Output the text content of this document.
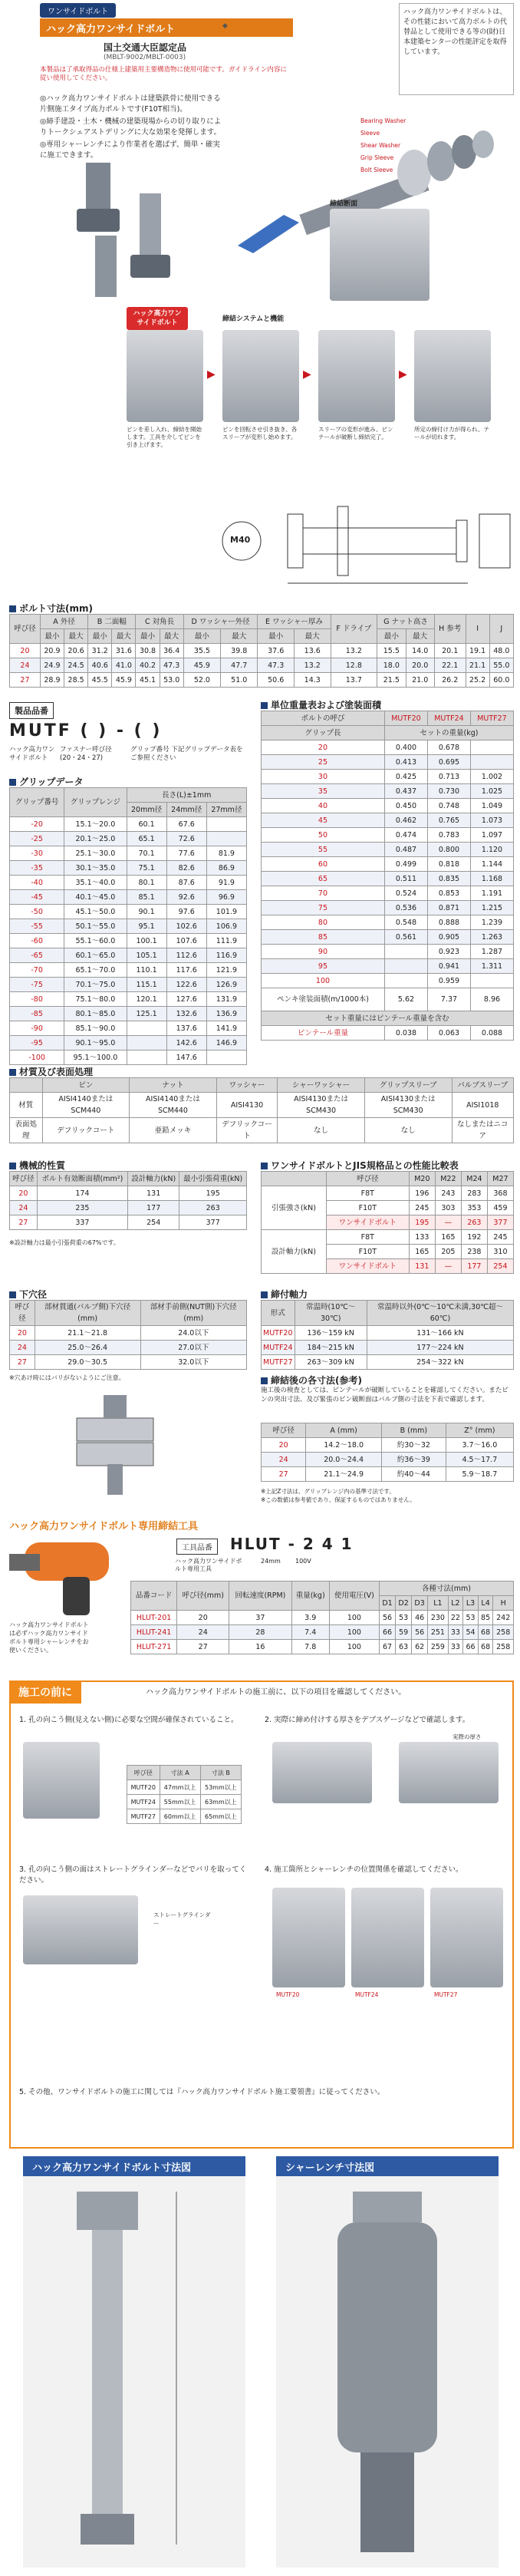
ワンサイドボルト
ハック高力ワンサイドボルト	◆
国土交通大臣認定品
(MBLT-9002/MBLT-0003)
本製品は了承取得品の仕様上建築用主要構造物に使用可能です。ガイドライン内容に従い使用してください。
◎ハック高力ワンサイドボルトは建築鉄骨に使用できる片側施工タイプ高力ボルトです(F10T相当)。
◎締手建設・土木・機械の建築現場からの切り取りによりトークシェアストデリングに大な効果を発揮します。
◎専用シャーレンチにより作業者を選ばず、簡単・確実に施工できます。
ハック高力ワンサイドボルトは、その性能において高力ボルトの代替品として使用できる等の(財)日本建築センターの性能評定を取得しています。
Bearing Washer
Sleeve
Shear Washer
Grip Sleeve
Bolt Sleeve
締結断面
締結システムと機能
ハック高力ワンサイドボルト
▶	▶	▶
ピンを差し入れ、締結を開始します。工具を介してピンを引き上げます。
ピンを回転させ引き抜き、各スリーブが変形し始めます。
スリーブの変形が進み、ピンテールが破断し締結完了。
所定の締付け力が得られ、テールが切れます。
M40
ボルト寸法(mm)
呼び径	A 外径		B 二面幅		C 対角長		D ワッシャー外径		E ワッシャー厚み		F ドライブ	G ナット高さ		H 参考	I	J
	最小	最大	最小	最大	最小	最大	最小	最大	最小	最大		最小	最大			
20	20.9	20.6	31.2	31.6	30.8	36.4	35.5	39.8	37.6	13.6	13.2	15.5	14.0	20.1	19.1	48.0
24	24.9	24.5	40.6	41.0	40.2	47.3	45.9	47.7	47.3	13.2	12.8	18.0	20.0	22.1	21.1	55.0
27	28.9	28.5	45.5	45.9	45.1	53.0	52.0	51.0	50.6	14.3	13.7	21.5	21.0	26.2	25.2	60.0
製品品番
MUTF ( ) - ( )
ハック高力ワンサイドボルト
ファスナー呼び径(20・24・27)
グリップ番号 下記グリップデータ表をご参照ください
グリップデータ
グリップ番号	グリップレンジ	長さ(L)±1mm		
		20mm径	24mm径	27mm径
-20	15.1〜20.0	60.1	67.6	
-25	20.1〜25.0	65.1	72.6	
-30	25.1〜30.0	70.1	77.6	81.9
-35	30.1〜35.0	75.1	82.6	86.9
-40	35.1〜40.0	80.1	87.6	91.9
-45	40.1〜45.0	85.1	92.6	96.9
-50	45.1〜50.0	90.1	97.6	101.9
-55	50.1〜55.0	95.1	102.6	106.9
-60	55.1〜60.0	100.1	107.6	111.9
-65	60.1〜65.0	105.1	112.6	116.9
-70	65.1〜70.0	110.1	117.6	121.9
-75	70.1〜75.0	115.1	122.6	126.9
-80	75.1〜80.0	120.1	127.6	131.9
-85	80.1〜85.0	125.1	132.6	136.9
-90	85.1〜90.0		137.6	141.9
-95	90.1〜95.0		142.6	146.9
-100	95.1〜100.0		147.6	
単位重量表および塗装面積
ボルトの呼び	MUTF20	MUTF24	MUTF27
グリップ長	セットの重量(kg)		
20	0.400	0.678	
25	0.413	0.695	
30	0.425	0.713	1.002
35	0.437	0.730	1.025
40	0.450	0.748	1.049
45	0.462	0.765	1.073
50	0.474	0.783	1.097
55	0.487	0.800	1.120
60	0.499	0.818	1.144
65	0.511	0.835	1.168
70	0.524	0.853	1.191
75	0.536	0.871	1.215
80	0.548	0.888	1.239
85	0.561	0.905	1.263
90		0.923	1.287
95		0.941	1.311
100		0.959	
ペンキ塗装面積(m/1000本)	5.62	7.37	8.96
セット重量にはピンテール重量を含む			
ピンテール重量	0.038	0.063	0.088
材質及び表面処理
	ピン	ナット	ワッシャー	シャーワッシャー	グリップスリーブ	バルブスリーブ
材質	AISI4140またはSCM440	AISI4140またはSCM440	AISI4130	AISI4130またはSCM430	AISI4130またはSCM430	AISI1018
表面処理	デフリックコート	亜鉛メッキ	デフリックコート	なし	なし	なしまたはニコア
機械的性質
呼び径	ボルト有効断面積(mm²)	設計軸力(kN)	最小引張荷重(kN)
20	174	131	195
24	235	177	263
27	337	254	377
※設計軸力は最小引張荷重の67%です。
ワンサイドボルトとJIS規格品との性能比較表
	呼び径	M20	M22	M24	M27
引張強さ(kN)	F8T	196	243	283	368
	F10T	245	303	353	459
	ワンサイドボルト	195	—	263	377
設計軸力(kN)	F8T	133	165	192	245
	F10T	165	205	238	310
	ワンサイドボルト	131	—	177	254
下穴径
呼び径	部材貫通(バルブ側)下穴径(mm)	部材手前側(NUT側)下穴径(mm)
20	21.1〜21.8	24.0以下
24	25.0〜26.4	27.0以下
27	29.0〜30.5	32.0以下
※穴あけ時にはバリがないようにご注意。
締付軸力
形式	常温時(10℃〜30℃)	常温時以外(0℃〜10℃未満,30℃超〜60℃)
MUTF20	136〜159 kN	131〜166 kN
MUTF24	184〜215 kN	177〜224 kN
MUTF27	263〜309 kN	254〜322 kN
締結後の各寸法(参考)
施工後の検査としては、ピンテールが破断していることを確認してください。またピンの突出寸法、及び緊張のピン破断面はバルブ側の寸法を下表で確認します。
呼び径	A (mm)	B (mm)	Z° (mm)
20	14.2〜18.0	約30〜32	3.7〜16.0
24	20.0〜24.4	約36〜39	4.5〜17.7
27	21.1〜24.9	約40〜44	5.9〜18.7
※上記Z寸法は、グリップレンジ内の基準寸法です。
※この数値は参考値であり、保証するものではありません。
ハック高力ワンサイドボルト専用締結工具
工具品番	HLUT - 2 4 1
ハック高力ワンサイドボルト専用工具
24mm 100V
ハック高力ワンサイドボルトは必ずハック高力ワンサイドボルト専用シャーレンチをお使いください。
品番コード	呼び径(mm)	回転速度(RPM)	重量(kg)	使用電圧(V)	各種寸法(mm)							
					D1	D2	D3	L1	L2	L3	L4	H
HLUT-201	20	37	3.9	100	56	53	46	230	22	53	85	242
HLUT-241	24	28	7.4	100	66	59	56	251	33	54	68	258
HLUT-271	27	16	7.8	100	67	63	62	259	33	66	68	258
施工の前に	ハック高力ワンサイドボルトの施工前に、以下の項目を確認してください。
1. 孔の向こう側(見えない側)に必要な空間が確保されていること。
呼び径	寸法 A	寸法 B
MUTF20	47mm以上	53mm以上
MUTF24	55mm以上	63mm以上
MUTF27	60mm以上	65mm以上
2. 実際に締め付けする厚さをデブスゲージなどで確認します。
実際の厚さ
3. 孔の向こう側の面はストレートグラインダーなどでバリを取ってください。
ストレートグラインダー
4. 施工箇所とシャーレンチの位置関係を確認してください。
MUTF20	MUTF24	MUTF27
5. その他、ワンサイドボルトの施工に関しては『ハック高力ワンサイドボルト施工要領書』に従ってください。
ハック高力ワンサイドボルト寸法図	シャーレンチ寸法図
